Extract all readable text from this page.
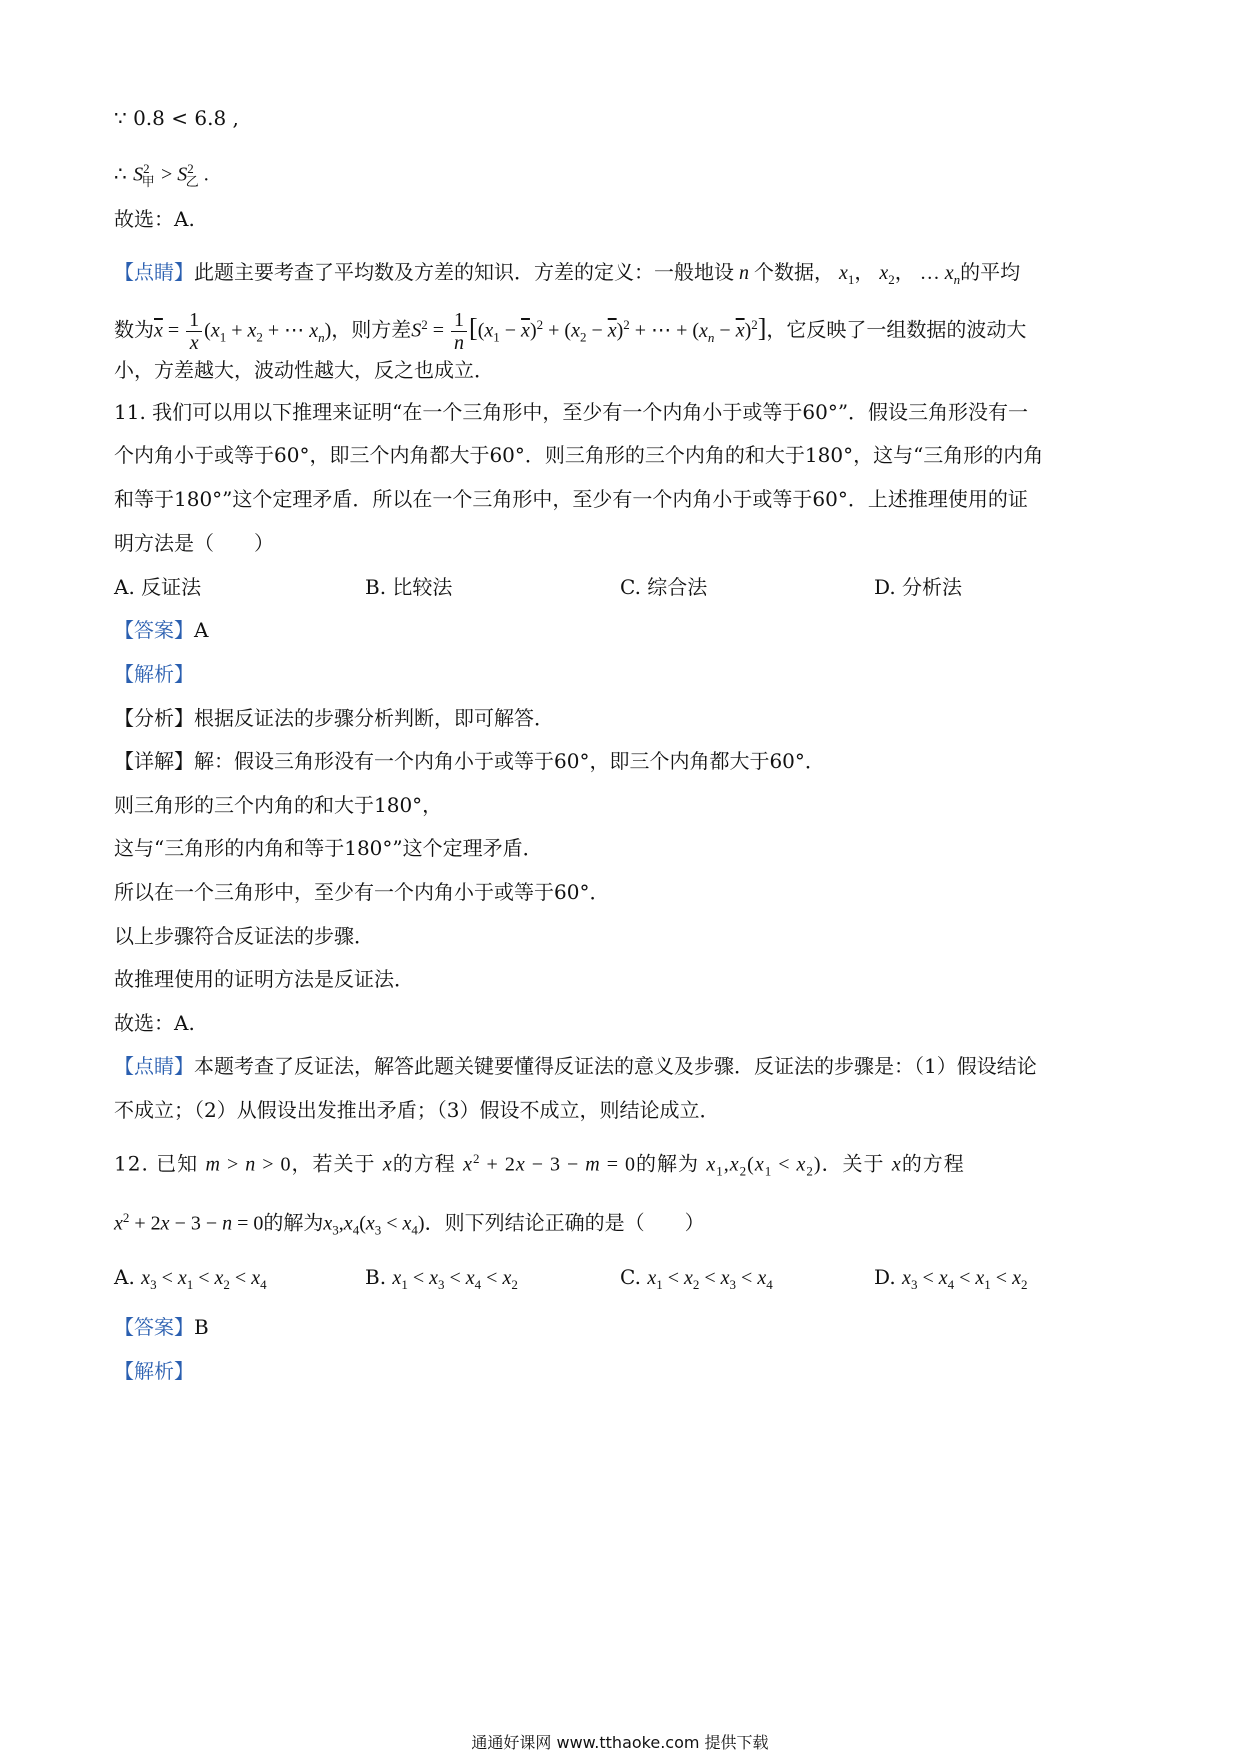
∵ 0.8 < 6.8 ,
∴ $S^2_甲 > S^2_乙$ .
故选：A.
【点睛】此题主要考查了平均数及方差的知识．方差的定义：一般地设 n 个数据， $x_1$， $x_2$， … $x_n$的平均
数为$\overline{x} = \frac{1}{x} (x_1 + x_2$ + ⋯ $x_n$)，则方差$S^2 = \frac{1}{n} [(x_1 - \overline{x})^2 + (x_2 - \overline{x})^2$ + ⋯ + $(x_n - \overline{x})^2$]，它反映了一组数据的波动大
小，方差越大，波动性越大，反之也成立．
11. 我们可以用以下推理来证明“在一个三角形中，至少有一个内角小于或等于60°”．假设三角形没有一
个内角小于或等于60°，即三个内角都大于60°．则三角形的三个内角的和大于180°，这与“三角形的内角
和等于180°”这个定理矛盾．所以在一个三角形中，至少有一个内角小于或等于60°．上述推理使用的证
明方法是（　　）
A. 反证法	B. 比较法	C. 综合法	D. 分析法
【答案】A
【解析】
【分析】根据反证法的步骤分析判断，即可解答．
【详解】解：假设三角形没有一个内角小于或等于60°，即三个内角都大于60°．
则三角形的三个内角的和大于180°，
这与“三角形的内角和等于180°”这个定理矛盾．
所以在一个三角形中，至少有一个内角小于或等于60°．
以上步骤符合反证法的步骤．
故推理使用的证明方法是反证法．
故选：A.
【点睛】本题考查了反证法，解答此题关键要懂得反证法的意义及步骤．反证法的步骤是：（1）假设结论
不成立；（2）从假设出发推出矛盾；（3）假设不成立，则结论成立．
12. 已知 m > n > 0，若关于 x的方程 $x^2 + 2x - 3 - m = 0$的解为 $x_1,x_2(x_1 < x_2)$．关于 x的方程
$x^2 + 2x - 3 - n = 0$的解为$x_3,x_4(x_3 < x_4)$．则下列结论正确的是（　　）
A. $x_3 < x_1 < x_2 < x_4$	B. $x_1 < x_3 < x_4 < x_2$	C. $x_1 < x_2 < x_3 < x_4$	D. $x_3 < x_4 < x_1 < x_2$
【答案】B
【解析】
通通好课网 www.tthaoke.com 提供下载
